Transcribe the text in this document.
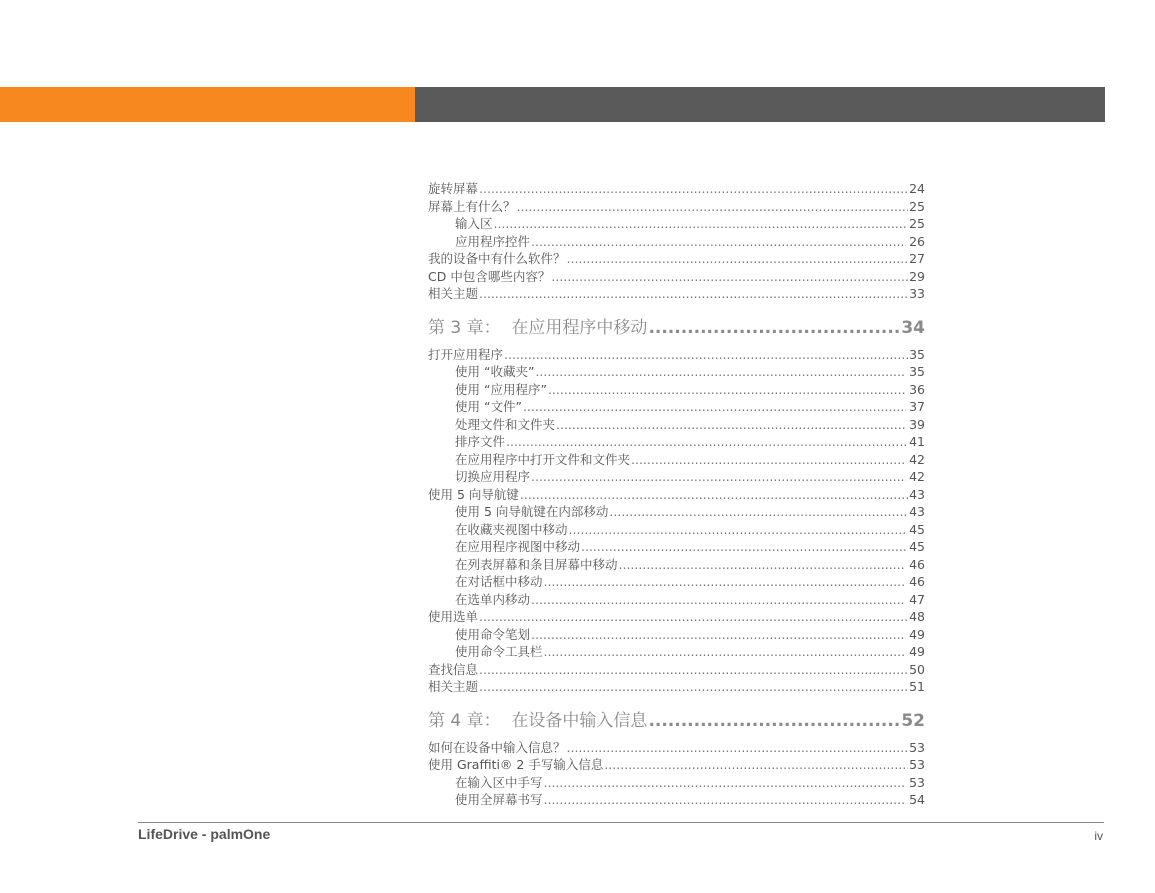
旋转屏幕 .....	24
屏幕上有什么？ .....	25
输入区 .....	25
应用程序控件 .....	26
我的设备中有什么软件？ .....	27
CD 中包含哪些内容？ .....	29
相关主题 .....	33
第 3 章： 在应用程序中移动 .....	34
打开应用程序 .....	35
使用 “收藏夹” .....	35
使用 “应用程序” .....	36
使用 “文件” .....	37
处理文件和文件夹 .....	39
排序文件 .....	41
在应用程序中打开文件和文件夹 .....	42
切换应用程序 .....	42
使用 5 向导航键 .....	43
使用 5 向导航键在内部移动 .....	43
在收藏夹视图中移动 .....	45
在应用程序视图中移动 .....	45
在列表屏幕和条目屏幕中移动 .....	46
在对话框中移动 .....	46
在选单内移动 .....	47
使用选单 .....	48
使用命令笔划 .....	49
使用命令工具栏 .....	49
查找信息 .....	50
相关主题 .....	51
第 4 章： 在设备中输入信息 .....	52
如何在设备中输入信息？ .....	53
使用 Graffiti® 2 手写输入信息 .....	53
在输入区中手写 .....	53
使用全屏幕书写 .....	54
LifeDrive - palmOne	iv
